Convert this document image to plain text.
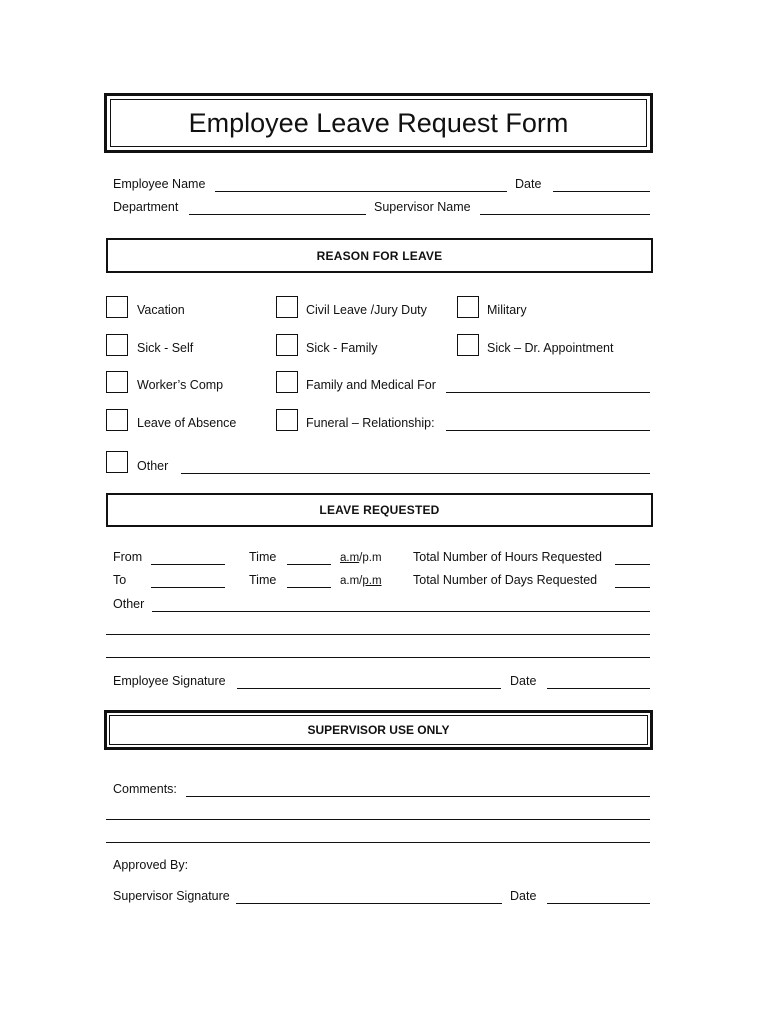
Employee Leave Request Form
Employee Name	Date
Department	Supervisor Name
REASON FOR LEAVE
Vacation	Civil Leave /Jury Duty	Military
Sick - Self	Sick - Family	Sick – Dr. Appointment
Worker’s Comp	Family and Medical For
Leave of Absence	Funeral – Relationship:
Other
LEAVE REQUESTED
From	Time	a.m/p.m	Total Number of Hours Requested
To	Time	a.m/p.m	Total Number of Days Requested
Other
Employee Signature	Date
SUPERVISOR USE ONLY
Comments:
Approved By:
Supervisor Signature	Date
